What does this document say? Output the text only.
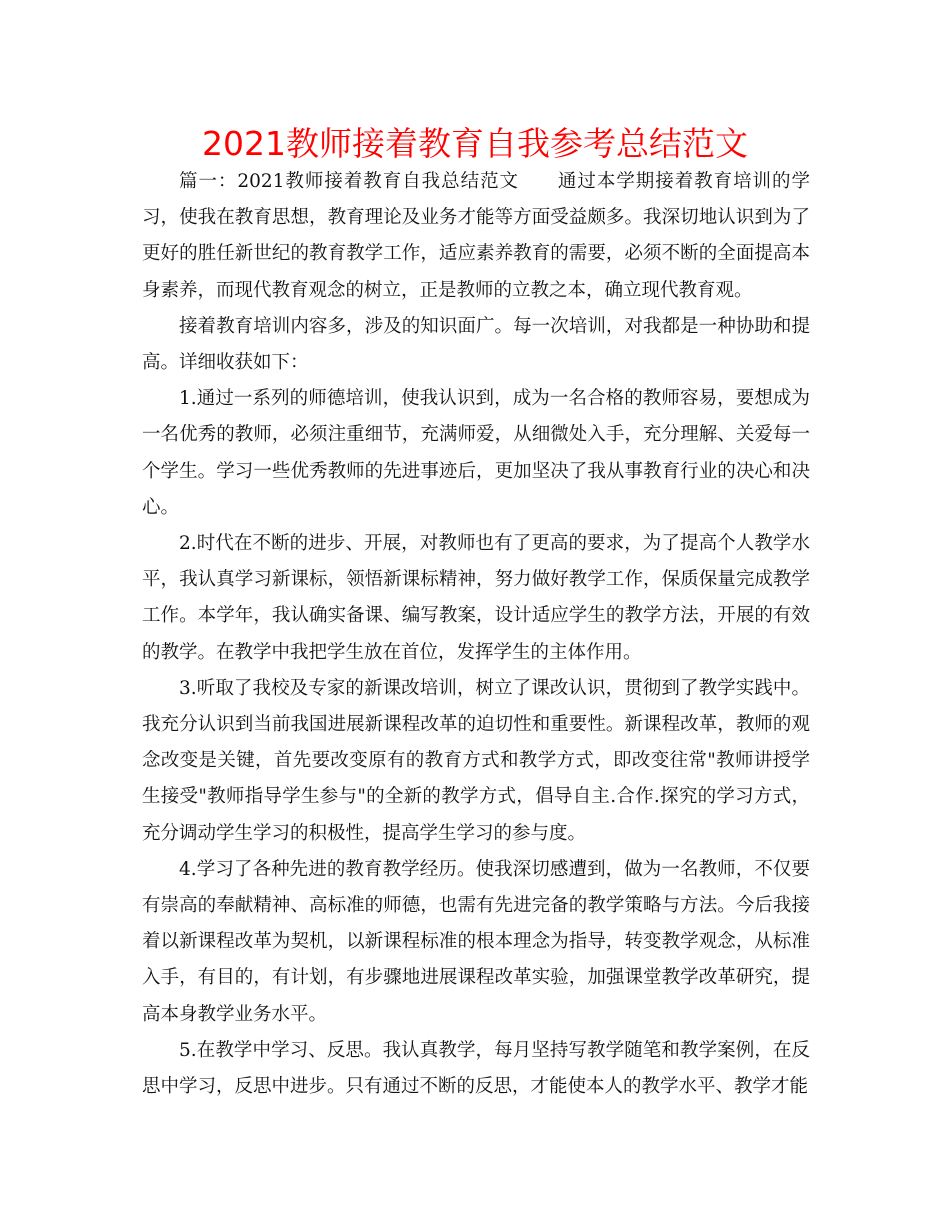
2021教师接着教育自我参考总结范文

篇一：2021教师接着教育自我总结范文　　通过本学期接着教育培训的学习，使我在教育思想，教育理论及业务才能等方面受益颇多。我深切地认识到为了更好的胜任新世纪的教育教学工作，适应素养教育的需要，必须不断的全面提高本身素养，而现代教育观念的树立，正是教师的立教之本，确立现代教育观。

接着教育培训内容多，涉及的知识面广。每一次培训，对我都是一种协助和提高。详细收获如下：

1.通过一系列的师德培训，使我认识到，成为一名合格的教师容易，要想成为一名优秀的教师，必须注重细节，充满师爱，从细微处入手，充分理解、关爱每一个学生。学习一些优秀教师的先进事迹后，更加坚决了我从事教育行业的决心和决心。

2.时代在不断的进步、开展，对教师也有了更高的要求，为了提高个人教学水平，我认真学习新课标，领悟新课标精神，努力做好教学工作，保质保量完成教学工作。本学年，我认确实备课、编写教案，设计适应学生的教学方法，开展的有效的教学。在教学中我把学生放在首位，发挥学生的主体作用。

3.听取了我校及专家的新课改培训，树立了课改认识，贯彻到了教学实践中。我充分认识到当前我国进展新课程改革的迫切性和重要性。新课程改革，教师的观念改变是关键，首先要改变原有的教育方式和教学方式，即改变往常"教师讲授学生接受"教师指导学生参与"的全新的教学方式，倡导自主.合作.探究的学习方式，充分调动学生学习的积极性，提高学生学习的参与度。

4.学习了各种先进的教育教学经历。使我深切感遭到，做为一名教师，不仅要有崇高的奉献精神、高标准的师德，也需有先进完备的教学策略与方法。今后我接着以新课程改革为契机，以新课程标准的根本理念为指导，转变教学观念，从标准入手，有目的，有计划，有步骤地进展课程改革实验，加强课堂教学改革研究，提高本身教学业务水平。

5.在教学中学习、反思。我认真教学，每月坚持写教学随笔和教学案例，在反思中学习，反思中进步。只有通过不断的反思，才能使本人的教学水平、教学才能
